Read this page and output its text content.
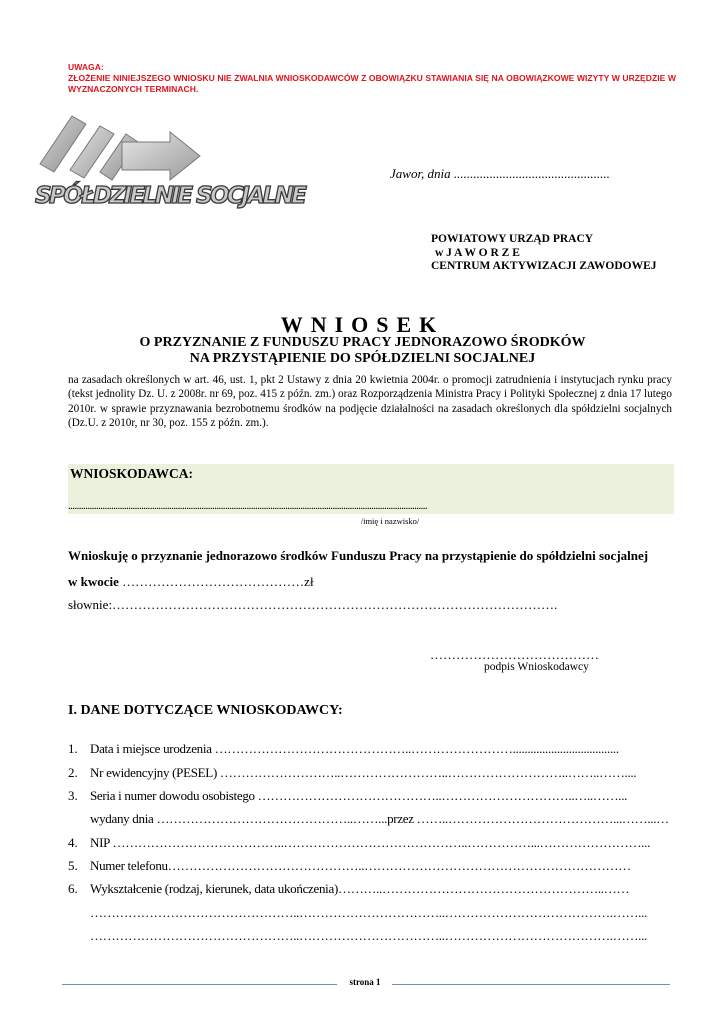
UWAGA:
ZŁOŻENIE NINIEJSZEGO WNIOSKU NIE ZWALNIA WNIOSKODAWCÓW Z OBOWIĄZKU STAWIANIA SIĘ NA OBOWIĄZKOWE WIZYTY W URZĘDZIE W WYZNACZONYCH TERMINACH.
SPÓŁDZIELNIE SOCJALNE
Jawor, dnia ................................................
POWIATOWY URZĄD PRACY
w J A W O R Z E
CENTRUM AKTYWIZACJI ZAWODOWEJ
WNIOSEK
O PRZYZNANIE Z FUNDUSZU PRACY JEDNORAZOWO ŚRODKÓW
NA PRZYSTĄPIENIE DO SPÓŁDZIELNI SOCJALNEJ
na zasadach określonych w art. 46, ust. 1, pkt 2 Ustawy z dnia 20 kwietnia 2004r. o promocji zatrudnienia i instytucjach rynku pracy (tekst jednolity Dz. U. z 2008r. nr 69, poz. 415 z późn. zm.) oraz Rozporządzenia Ministra Pracy i Polityki Społecznej z dnia 17 lutego 2010r. w sprawie przyznawania bezrobotnemu środków na podjęcie działalności na zasadach określonych dla spółdzielni socjalnych (Dz.U. z 2010r, nr 30, poz. 155 z późn. zm.).
WNIOSKODAWCA:
.......................................................................................................................................................................
/imię i nazwisko/
Wnioskuję o przyznanie jednorazowo środków Funduszu Pracy na przystąpienie do spółdzielni socjalnej
w kwocie ……………………………………zł
słownie:………………………………………………………………………………………….
…………………………………
podpis Wnioskodawcy
I. DANE DOTYCZĄCE WNIOSKODAWCY:
1. Data i miejsce urodzenia ………………………………………..……………………....................................
2. Nr ewidencyjny (PESEL) ………………………..……………………..………………………..……..……....
3. Seria i numer dowodu osobistego ……………………………………..…………………………..…..……...
wydany dnia ………………………………………..……...przez ……..…………………………………...……...…
4. NIP …………………………………..……………………………………..……………...……………………...
5. Numer telefonu………………………………………..………………………………………………………
6. Wykształcenie (rodzaj, kierunek, data ukończenia)………..……………………………………………..……
…………………………………………..……………………………..………………………………….……...
…………………………………………..……………………………..………………………………….……...
strona 1
